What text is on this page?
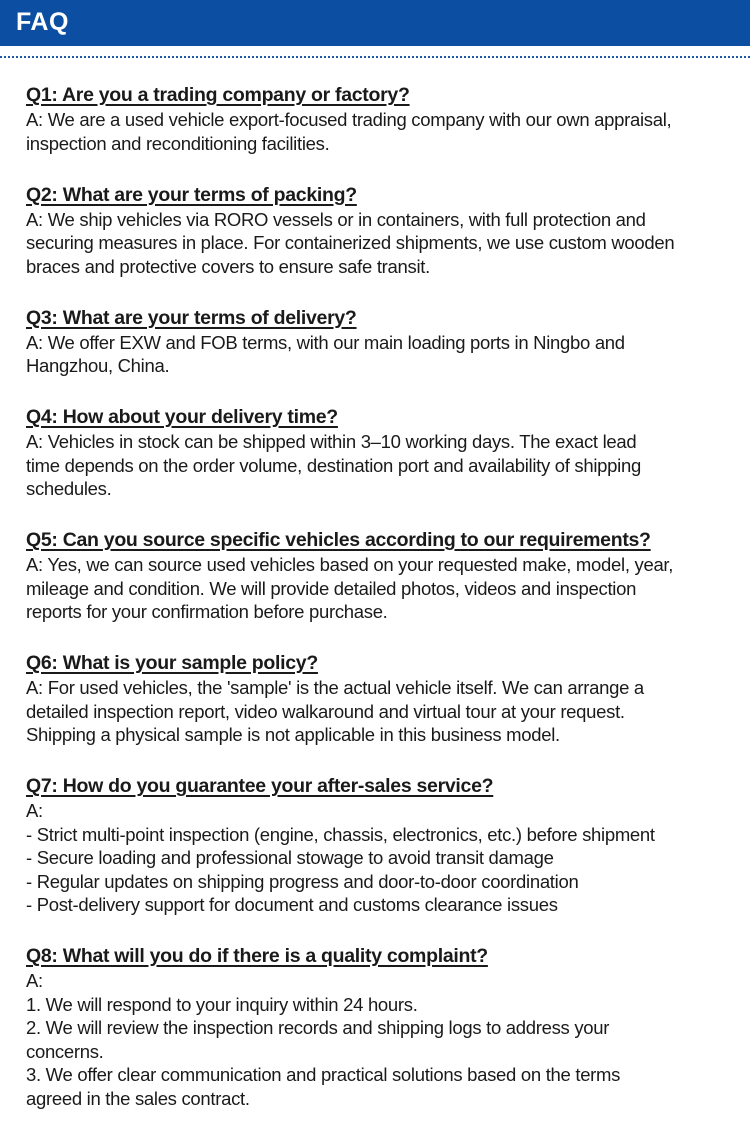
FAQ

Q1: Are you a trading company or factory?

A: We are a used vehicle export-focused trading company with our own appraisal,
inspection and reconditioning facilities.

Q2: What are your terms of packing?

A: We ship vehicles via RORO vessels or in containers, with full protection and
securing measures in place. For containerized shipments, we use custom wooden
braces and protective covers to ensure safe transit.

Q3: What are your terms of delivery?

A: We offer EXW and FOB terms, with our main loading ports in Ningbo and
Hangzhou, China.

Q4: How about your delivery time?

A: Vehicles in stock can be shipped within 3–10 working days. The exact lead
time depends on the order volume, destination port and availability of shipping
schedules.

Q5: Can you source specific vehicles according to our requirements?

A: Yes, we can source used vehicles based on your requested make, model, year,
mileage and condition. We will provide detailed photos, videos and inspection
reports for your confirmation before purchase.

Q6: What is your sample policy?

A: For used vehicles, the 'sample' is the actual vehicle itself. We can arrange a
detailed inspection report, video walkaround and virtual tour at your request.
Shipping a physical sample is not applicable in this business model.

Q7: How do you guarantee your after-sales service?

A:
- Strict multi-point inspection (engine, chassis, electronics, etc.) before shipment
- Secure loading and professional stowage to avoid transit damage
- Regular updates on shipping progress and door-to-door coordination
- Post-delivery support for document and customs clearance issues

Q8: What will you do if there is a quality complaint?

A:
1. We will respond to your inquiry within 24 hours.
2. We will review the inspection records and shipping logs to address your
concerns.
3. We offer clear communication and practical solutions based on the terms
agreed in the sales contract.
